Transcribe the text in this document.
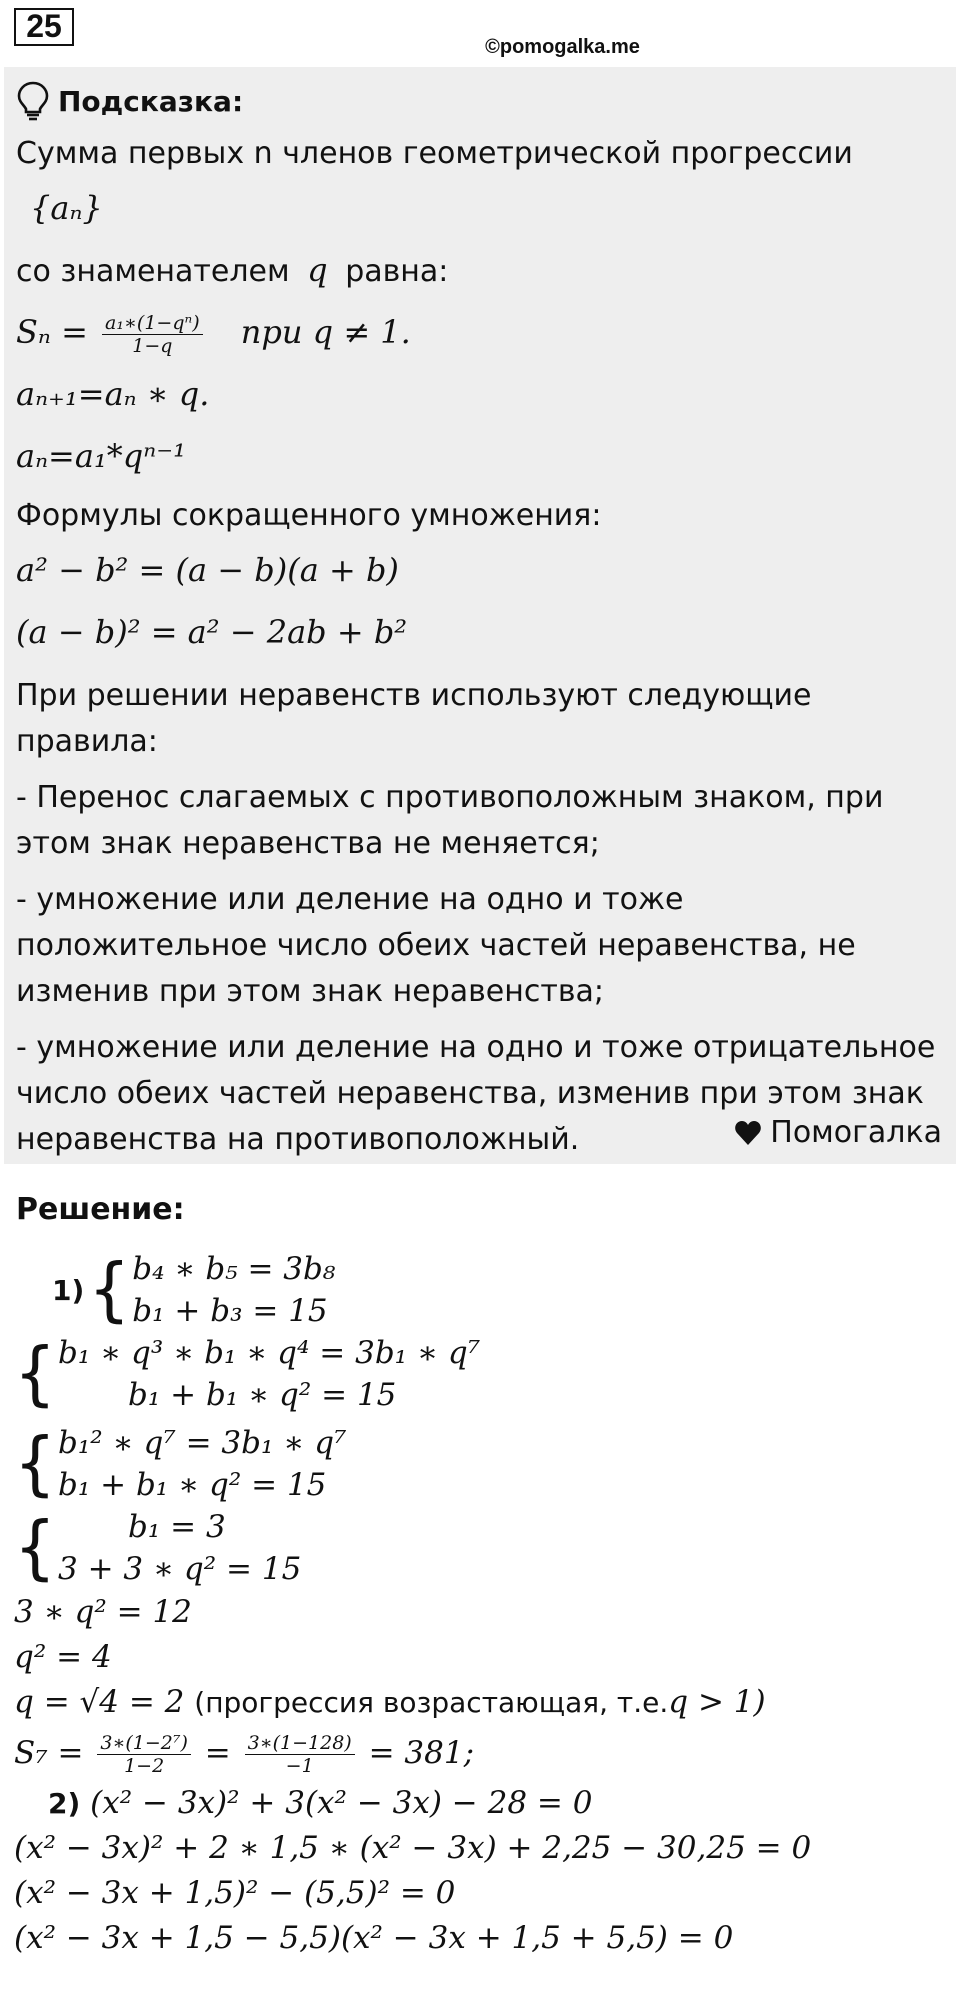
25
©pomogalka.me
Подсказка:
Сумма первых n членов геометрической прогрессии {aₙ}
со знаменателем q равна:
$S_n = \frac{\text{a₁∗(1−qⁿ)}}{1-q}$ при q ≠ 1.
aₙ₊₁=aₙ ∗ q.
aₙ=a₁*qⁿ⁻¹
Формулы сокращенного умножения:
a² − b² = (a − b)(a + b)
(a − b)² = a² − 2ab + b²
При решении неравенств используют следующие правила:
- Перенос слагаемых с противоположным знаком, при этом знак неравенства не меняется;
- умножение или деление на одно и тоже положительное число обеих частей неравенства, не изменив при этом знак неравенства;
- умножение или деление на одно и тоже отрицательное число обеих частей неравенства, изменив при этом знак неравенства на противоположный.	Помогалка
Решение:
1) { b₄ ∗ b₅ = 3b₈
b₁ + b₃ = 15
{ b₁ ∗ q³ ∗ b₁ ∗ q⁴ = 3b₁ ∗ q⁷
b₁ + b₁ ∗ q² = 15
{ b₁² ∗ q⁷ = 3b₁ ∗ q⁷
b₁ + b₁ ∗ q² = 15
{	b₁ = 3
3 + 3 ∗ q² = 15
3 ∗ q² = 12
q² = 4
q = √4 = 2 (прогрессия возрастающая, т.е.q > 1)
$S_7 = \frac{\text{3∗(1−2⁷)}}{1-2} = \frac{3∗(1-128)}{-1} = 381$;
2) (x² − 3x)² + 3(x² − 3x) − 28 = 0
(x² − 3x)² + 2 ∗ 1,5 ∗ (x² − 3x) + 2,25 − 30,25 = 0
(x² − 3x + 1,5)² − (5,5)² = 0
(x² − 3x + 1,5 − 5,5)(x² − 3x + 1,5 + 5,5) = 0
